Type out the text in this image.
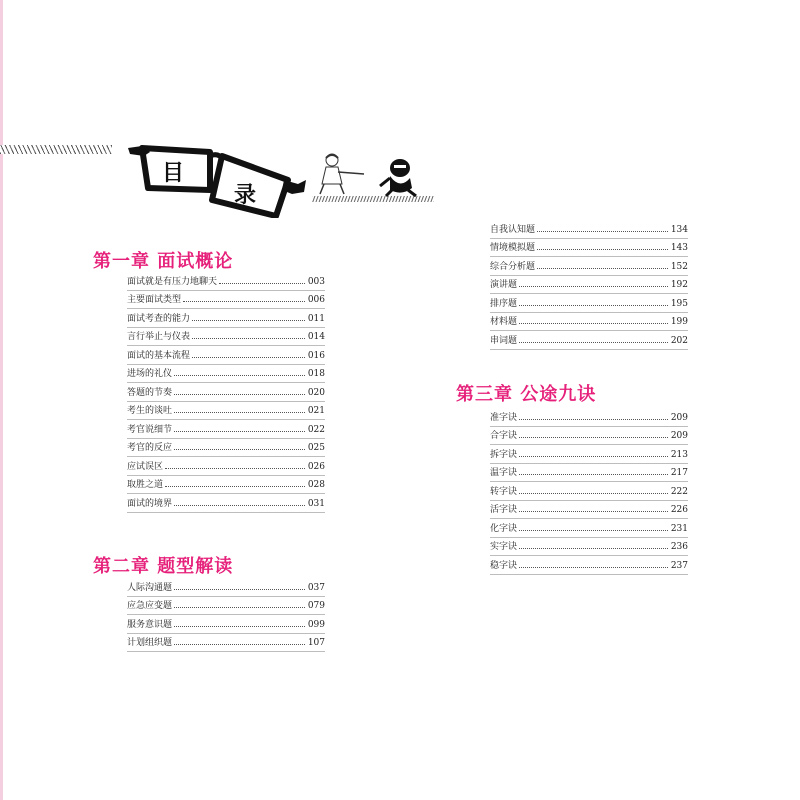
目
录
第一章 面试概论
面试就是有压力地聊天	003
主要面试类型	006
面试考查的能力	011
言行举止与仪表	014
面试的基本流程	016
进场的礼仪	018
答题的节奏	020
考生的谈吐	021
考官说细节	022
考官的反应	025
应试误区	026
取胜之道	028
面试的境界	031
第二章 题型解读
人际沟通题	037
应急应变题	079
服务意识题	099
计划组织题	107
自我认知题	134
情境模拟题	143
综合分析题	152
演讲题	192
排序题	195
材料题	199
串词题	202
第三章 公途九诀
准字诀	209
合字诀	209
拆字诀	213
温字诀	217
转字诀	222
活字诀	226
化字诀	231
实字诀	236
稳字诀	237
